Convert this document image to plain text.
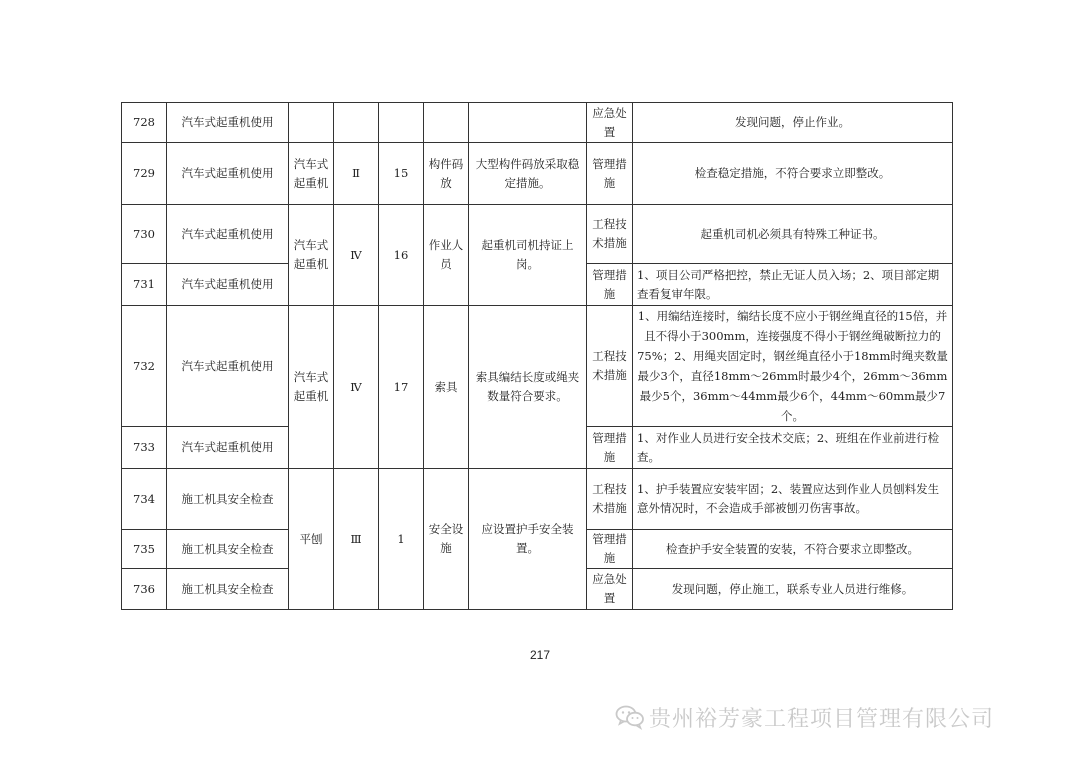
728	汽车式起重机使用						应急处置	发现问题，停止作业。
729	汽车式起重机使用	汽车式起重机	Ⅱ	15	构件码放	大型构件码放采取稳定措施。	管理措施	检查稳定措施，不符合要求立即整改。
730	汽车式起重机使用	汽车式起重机	Ⅳ	16	作业人员	起重机司机持证上岗。	工程技术措施	起重机司机必须具有特殊工种证书。
731	汽车式起重机使用						管理措施	1、项目公司严格把控，禁止无证人员入场；2、项目部定期查看复审年限。
732	汽车式起重机使用	汽车式起重机	Ⅳ	17	索具	索具编结长度或绳夹数量符合要求。	工程技术措施	1、用编结连接时，编结长度不应小于钢丝绳直径的15倍，并且不得小于300mm，连接强度不得小于钢丝绳破断拉力的75%；2、用绳夹固定时，钢丝绳直径小于18mm时绳夹数量最少3个，直径18mm～26mm时最少4个，26mm～36mm最少5个，36mm～44mm最少6个，44mm～60mm最少7个。
733	汽车式起重机使用						管理措施	1、对作业人员进行安全技术交底；2、班组在作业前进行检查。
734	施工机具安全检查	平刨	Ⅲ	1	安全设施	应设置护手安全装置。	工程技术措施	1、护手装置应安装牢固；2、装置应达到作业人员刨料发生意外情况时，不会造成手部被刨刃伤害事故。
735	施工机具安全检查						管理措施	检查护手安全装置的安装，不符合要求立即整改。
736	施工机具安全检查						应急处置	发现问题，停止施工，联系专业人员进行维修。
217
贵州裕芳豪工程项目管理有限公司
